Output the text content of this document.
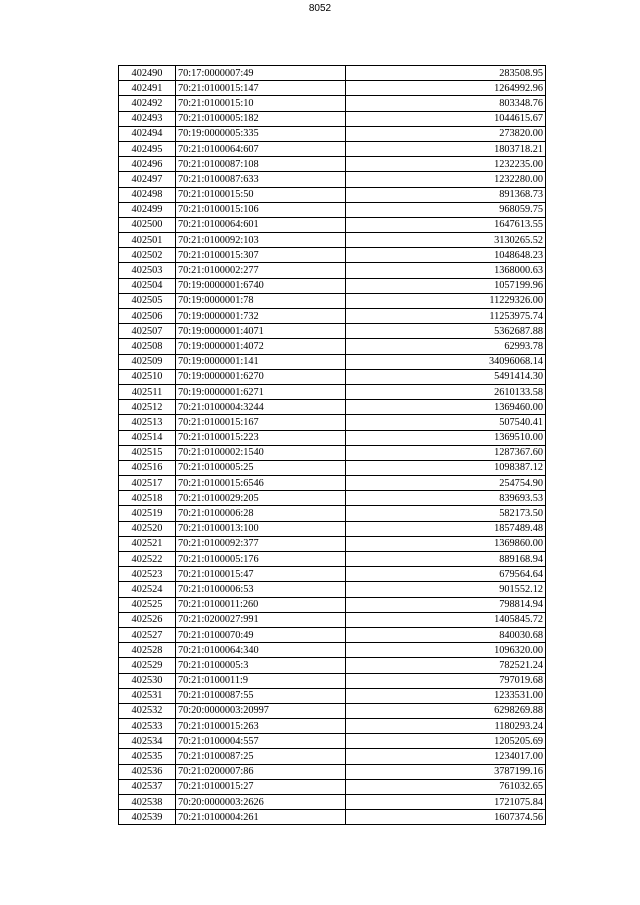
8052
402490	70:17:0000007:49	283508.95
402491	70:21:0100015:147	1264992.96
402492	70:21:0100015:10	803348.76
402493	70:21:0100005:182	1044615.67
402494	70:19:0000005:335	273820.00
402495	70:21:0100064:607	1803718.21
402496	70:21:0100087:108	1232235.00
402497	70:21:0100087:633	1232280.00
402498	70:21:0100015:50	891368.73
402499	70:21:0100015:106	968059.75
402500	70:21:0100064:601	1647613.55
402501	70:21:0100092:103	3130265.52
402502	70:21:0100015:307	1048648.23
402503	70:21:0100002:277	1368000.63
402504	70:19:0000001:6740	1057199.96
402505	70:19:0000001:78	11229326.00
402506	70:19:0000001:732	11253975.74
402507	70:19:0000001:4071	5362687.88
402508	70:19:0000001:4072	62993.78
402509	70:19:0000001:141	34096068.14
402510	70:19:0000001:6270	5491414.30
402511	70:19:0000001:6271	2610133.58
402512	70:21:0100004:3244	1369460.00
402513	70:21:0100015:167	507540.41
402514	70:21:0100015:223	1369510.00
402515	70:21:0100002:1540	1287367.60
402516	70:21:0100005:25	1098387.12
402517	70:21:0100015:6546	254754.90
402518	70:21:0100029:205	839693.53
402519	70:21:0100006:28	582173.50
402520	70:21:0100013:100	1857489.48
402521	70:21:0100092:377	1369860.00
402522	70:21:0100005:176	889168.94
402523	70:21:0100015:47	679564.64
402524	70:21:0100006:53	901552.12
402525	70:21:0100011:260	798814.94
402526	70:21:0200027:991	1405845.72
402527	70:21:0100070:49	840030.68
402528	70:21:0100064:340	1096320.00
402529	70:21:0100005:3	782521.24
402530	70:21:0100011:9	797019.68
402531	70:21:0100087:55	1233531.00
402532	70:20:0000003:20997	6298269.88
402533	70:21:0100015:263	1180293.24
402534	70:21:0100004:557	1205205.69
402535	70:21:0100087:25	1234017.00
402536	70:21:0200007:86	3787199.16
402537	70:21:0100015:27	761032.65
402538	70:20:0000003:2626	1721075.84
402539	70:21:0100004:261	1607374.56
